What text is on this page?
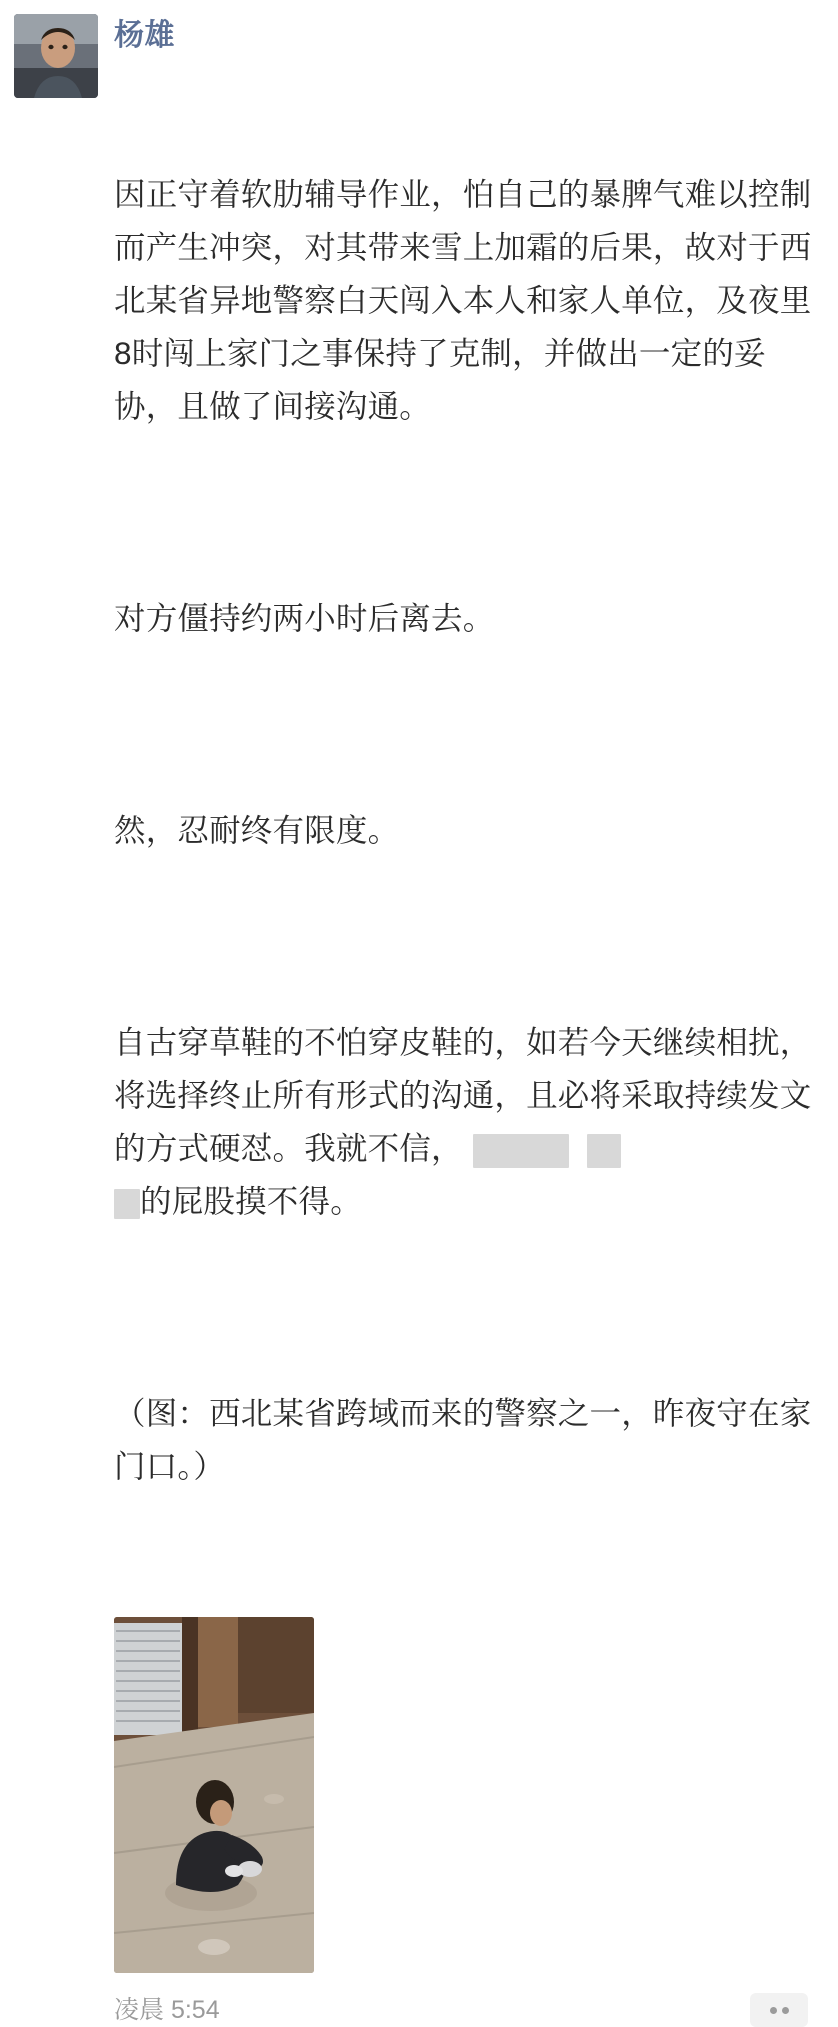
杨雄

因正守着软肋辅导作业，怕自己的暴脾气难以控制而产生冲突，对其带来雪上加霜的后果，故对于西北某省异地警察白天闯入本人和家人单位，及夜里8时闯上家门之事保持了克制，并做出一定的妥协，且做了间接沟通。

对方僵持约两小时后离去。

然，忍耐终有限度。

自古穿草鞋的不怕穿皮鞋的，如若今天继续相扰，将选择终止所有形式的沟通，且必将采取持续发文的方式硬怼。我就不信，
的屁股摸不得。

（图：西北某省跨域而来的警察之一，昨夜守在家门口。）

凌晨 5:54
